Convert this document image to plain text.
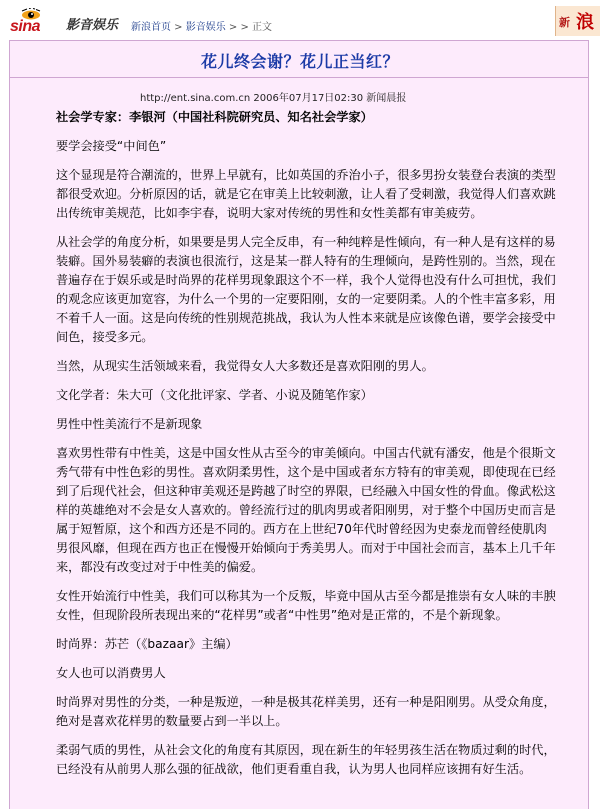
sina 影音娱乐 新浪首页 > 影音娱乐 > > 正文	新 浪
花儿终会谢？花儿正当红？
http://ent.sina.com.cn 2006年07月17日02:30 新闻晨报

社会学专家：李银河（中国社科院研究员、知名社会学家）

要学会接受“中间色”

这个显现是符合潮流的，世界上早就有，比如英国的乔治小子，很多男扮女装登台表演的类型都很受欢迎。分析原因的话，就是它在审美上比较刺激，让人看了受刺激，我觉得人们喜欢跳出传统审美规范，比如李宇春，说明大家对传统的男性和女性美都有审美疲劳。

从社会学的角度分析，如果要是男人完全反串，有一种纯粹是性倾向，有一种人是有这样的易装癖。国外易装癖的表演也很流行，这是某一群人特有的生理倾向，是跨性别的。当然，现在普遍存在于娱乐或是时尚界的花样男现象跟这个不一样，我个人觉得也没有什么可担忧，我们的观念应该更加宽容，为什么一个男的一定要阳刚，女的一定要阴柔。人的个性丰富多彩，用不着千人一面。这是向传统的性别规范挑战，我认为人性本来就是应该像色谱，要学会接受中间色，接受多元。

当然，从现实生活领域来看，我觉得女人大多数还是喜欢阳刚的男人。

文化学者：朱大可（文化批评家、学者、小说及随笔作家）

男性中性美流行不是新现象

喜欢男性带有中性美，这是中国女性从古至今的审美倾向。中国古代就有潘安，他是个很斯文秀气带有中性色彩的男性。喜欢阴柔男性，这个是中国或者东方特有的审美观，即使现在已经到了后现代社会，但这种审美观还是跨越了时空的界限，已经融入中国女性的骨血。像武松这样的英雄绝对不会是女人喜欢的。曾经流行过的肌肉男或者阳刚男，对于整个中国历史而言是属于短暂原，这个和西方还是不同的。西方在上世纪70年代时曾经因为史泰龙而曾经使肌肉男很风靡，但现在西方也正在慢慢开始倾向于秀美男人。而对于中国社会而言，基本上几千年来，都没有改变过对于中性美的偏爱。

女性开始流行中性美，我们可以称其为一个反叛，毕竟中国从古至今都是推崇有女人味的丰腴女性，但现阶段所表现出来的“花样男”或者“中性男”绝对是正常的，不是个新现象。

时尚界：苏芒（《bazaar》主编）

女人也可以消费男人

时尚界对男性的分类，一种是叛逆，一种是极其花样美男，还有一种是阳刚男。从受众角度，绝对是喜欢花样男的数量要占到一半以上。

柔弱气质的男性，从社会文化的角度有其原因，现在新生的年轻男孩生活在物质过剩的时代，已经没有从前男人那么强的征战欲，他们更看重自我，认为男人也同样应该拥有好生活。
